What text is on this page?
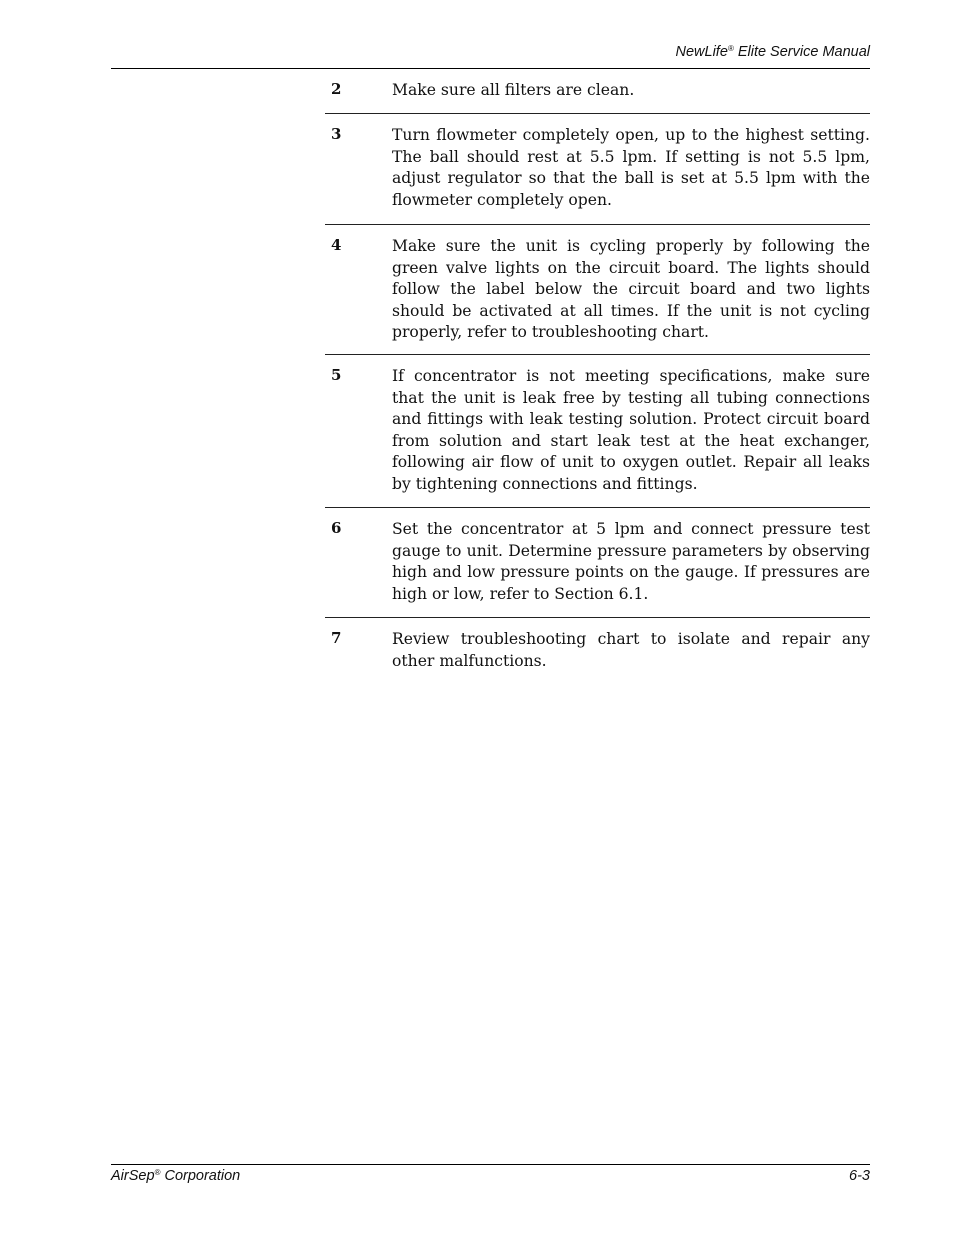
NewLife® Elite Service Manual
2	Make sure all filters are clean.
3	Turn flowmeter completely open, up to the highest setting. The ball should rest at 5.5 lpm. If setting is not 5.5 lpm, adjust regulator so that the ball is set at 5.5 lpm with the flowmeter completely open.
4	Make sure the unit is cycling properly by following the green valve lights on the circuit board. The lights should follow the label below the circuit board and two lights should be activated at all times. If the unit is not cycling properly, refer to troubleshooting chart.
5	If concentrator is not meeting specifications, make sure that the unit is leak free by testing all tubing connections and fittings with leak testing solution. Protect circuit board from solution and start leak test at the heat exchanger, following air flow of unit to oxygen outlet. Repair all leaks by tightening connections and fittings.
6	Set the concentrator at 5 lpm and connect pressure test gauge to unit. Determine pressure parameters by observing high and low pressure points on the gauge. If pressures are high or low, refer to Section 6.1.
7	Review troubleshooting chart to isolate and repair any other malfunctions.
AirSep® Corporation	6-3
